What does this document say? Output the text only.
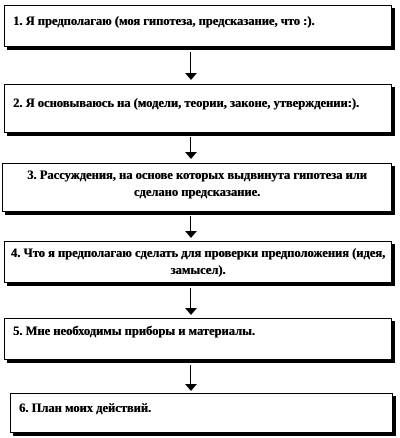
1. Я предполагаю (моя гипотеза, предсказание, что :).
2. Я основываюсь на (модели, теории, законе, утверждении:).
3. Рассуждения, на основе которых выдвинута гипотеза или сделано предсказание.
4. Что я предполагаю сделать для проверки предположения (идея, замысел).
5. Мне необходимы приборы и материалы.
6. План моих действий.
